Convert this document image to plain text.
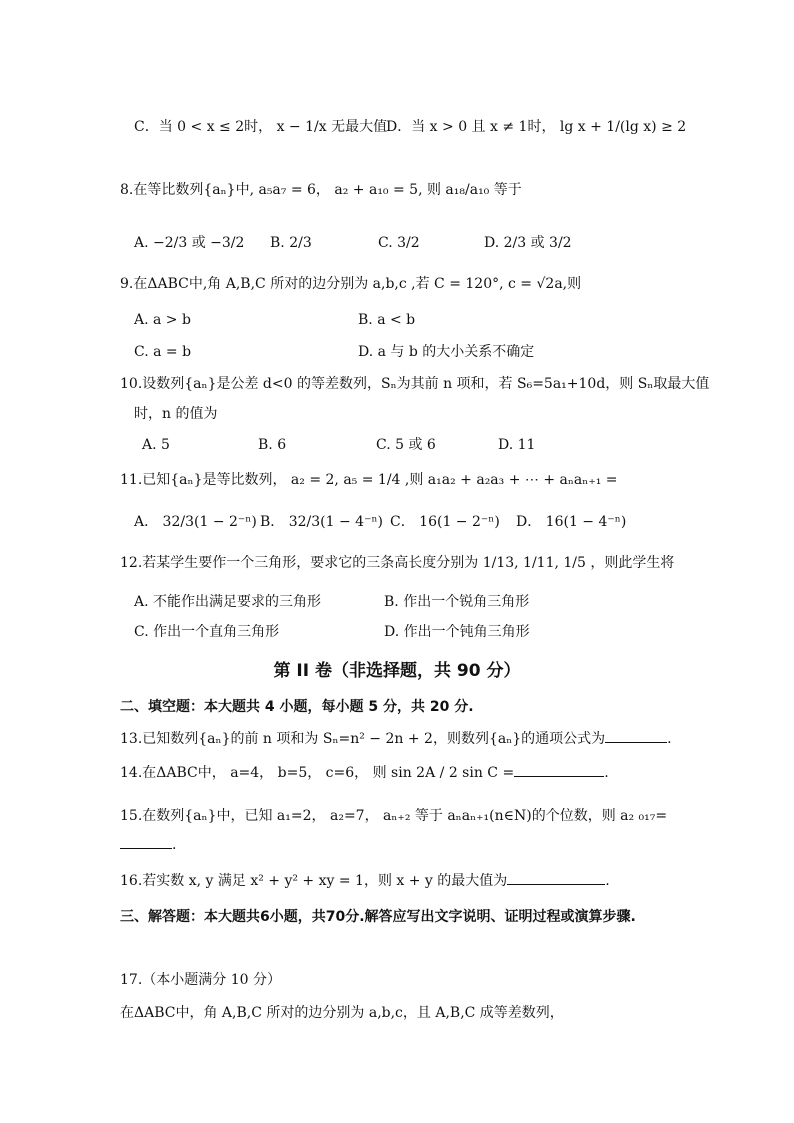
C．当 0 < x ≤ 2时， x − 1/x 无最大值
D．当 x > 0 且 x ≠ 1时， lg x + 1/(lg x) ≥ 2
8.在等比数列{aₙ}中, a₅a₇ = 6， a₂ + a₁₀ = 5, 则 a₁₈/a₁₀ 等于
A. −2/3 或 −3/2 B. 2/3	C. 3/2	D. 2/3 或 3/2
9.在ΔABC中,角 A,B,C 所对的边分别为 a,b,c ,若 C = 120°, c = √2a,则
A. a > b	B. a < b
C. a = b	D. a 与 b 的大小关系不确定
10.设数列{aₙ}是公差 d<0 的等差数列，Sₙ为其前 n 项和，若 S₆=5a₁+10d，则 Sₙ取最大值
时，n 的值为
A. 5	B. 6	C. 5 或 6	D. 11
11.已知{aₙ}是等比数列， a₂ = 2, a₅ = 1/4 ,则 a₁a₂ + a₂a₃ + ⋯ + aₙaₙ₊₁ =
A． 32/3(1 − 2⁻ⁿ) B． 32/3(1 − 4⁻ⁿ) C． 16(1 − 2⁻ⁿ) D． 16(1 − 4⁻ⁿ)
12.若某学生要作一个三角形，要求它的三条高长度分别为 1/13, 1/11, 1/5 ，则此学生将
A. 不能作出满足要求的三角形	B. 作出一个锐角三角形
C. 作出一个直角三角形	D. 作出一个钝角三角形
第 II 卷（非选择题，共 90 分）
二、填空题：本大题共 4 小题，每小题 5 分，共 20 分.
13.已知数列{aₙ}的前 n 项和为 Sₙ=n² − 2n + 2，则数列{aₙ}的通项公式为	.
14.在ΔABC中， a=4， b=5， c=6， 则 sin 2A / 2 sin C =	.
15.在数列{aₙ}中，已知 a₁=2， a₂=7， aₙ₊₂ 等于 aₙaₙ₊₁(n∈N)的个位数，则 a₂ ₀₁₇=
.
16.若实数 x, y 满足 x² + y² + xy = 1，则 x + y 的最大值为	.
三、解答题：本大题共6小题，共70分.解答应写出文字说明、证明过程或演算步骤.
17.（本小题满分 10 分）
在ΔABC中，角 A,B,C 所对的边分别为 a,b,c，且 A,B,C 成等差数列，
